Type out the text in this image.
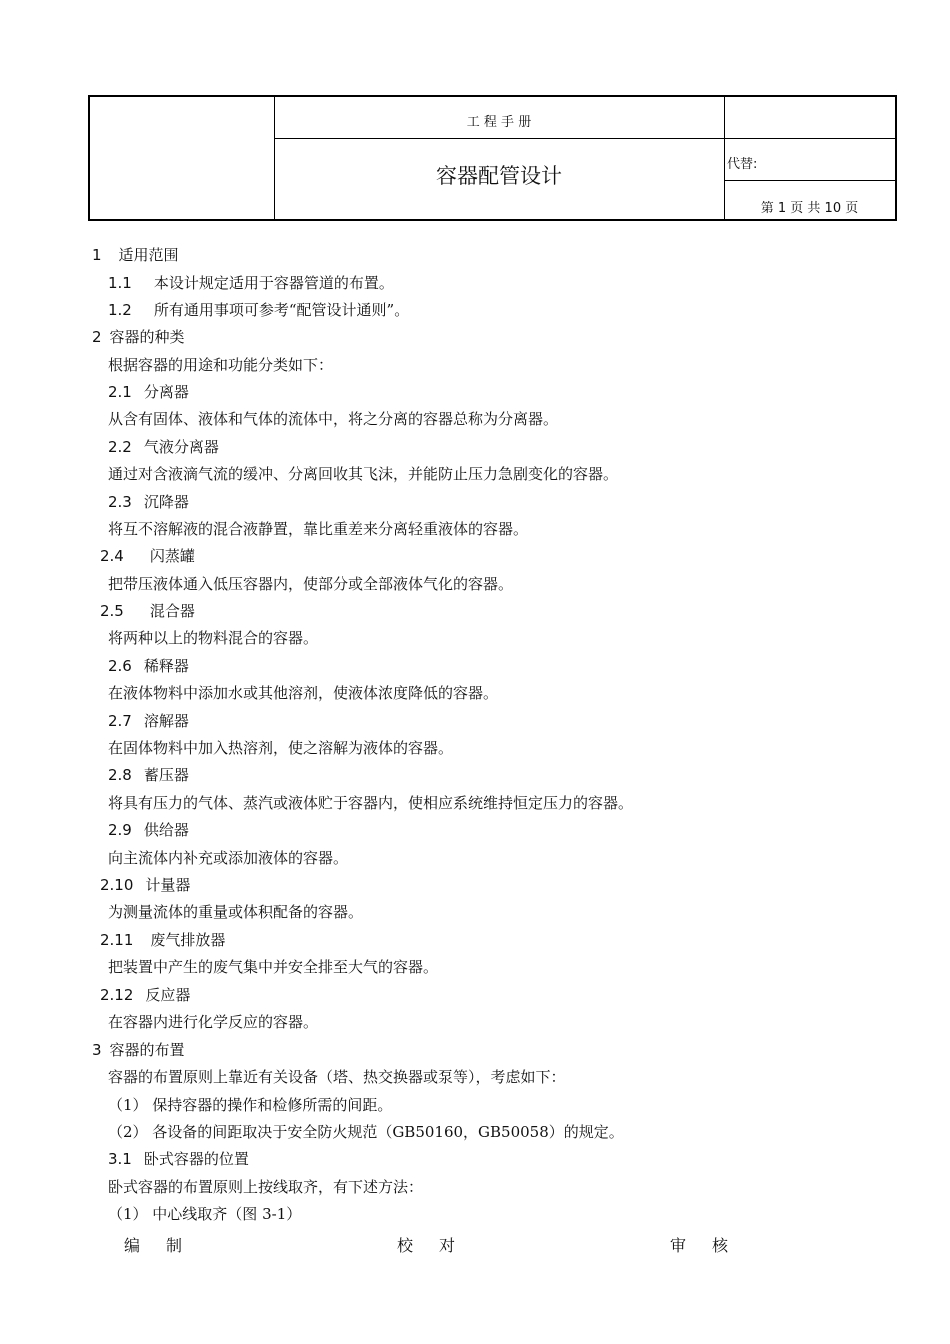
工 程 手 册
容器配管设计	代替:
第 1 页 共 10 页
1 适用范围
1.1 本设计规定适用于容器管道的布置。
1.2 所有通用事项可参考“配管设计通则”。
2 容器的种类
根据容器的用途和功能分类如下：
2.1 分离器
从含有固体、液体和气体的流体中，将之分离的容器总称为分离器。
2.2 气液分离器
通过对含液滴气流的缓冲、分离回收其飞沫，并能防止压力急剧变化的容器。
2.3 沉降器
将互不溶解液的混合液静置，靠比重差来分离轻重液体的容器。
2.4 闪蒸罐
把带压液体通入低压容器内，使部分或全部液体气化的容器。
2.5 混合器
将两种以上的物料混合的容器。
2.6 稀释器
在液体物料中添加水或其他溶剂，使液体浓度降低的容器。
2.7 溶解器
在固体物料中加入热溶剂，使之溶解为液体的容器。
2.8 蓄压器
将具有压力的气体、蒸汽或液体贮于容器内，使相应系统维持恒定压力的容器。
2.9 供给器
向主流体内补充或添加液体的容器。
2.10 计量器
为测量流体的重量或体积配备的容器。
2.11 废气排放器
把装置中产生的废气集中并安全排至大气的容器。
2.12 反应器
在容器内进行化学反应的容器。
3 容器的布置
容器的布置原则上靠近有关设备（塔、热交换器或泵等），考虑如下：
（1） 保持容器的操作和检修所需的间距。
（2） 各设备的间距取决于安全防火规范（GB50160，GB50058）的规定。
3.1 卧式容器的位置
卧式容器的布置原则上按线取齐，有下述方法：
（1） 中心线取齐（图 3-1）
编制	校对	审核
